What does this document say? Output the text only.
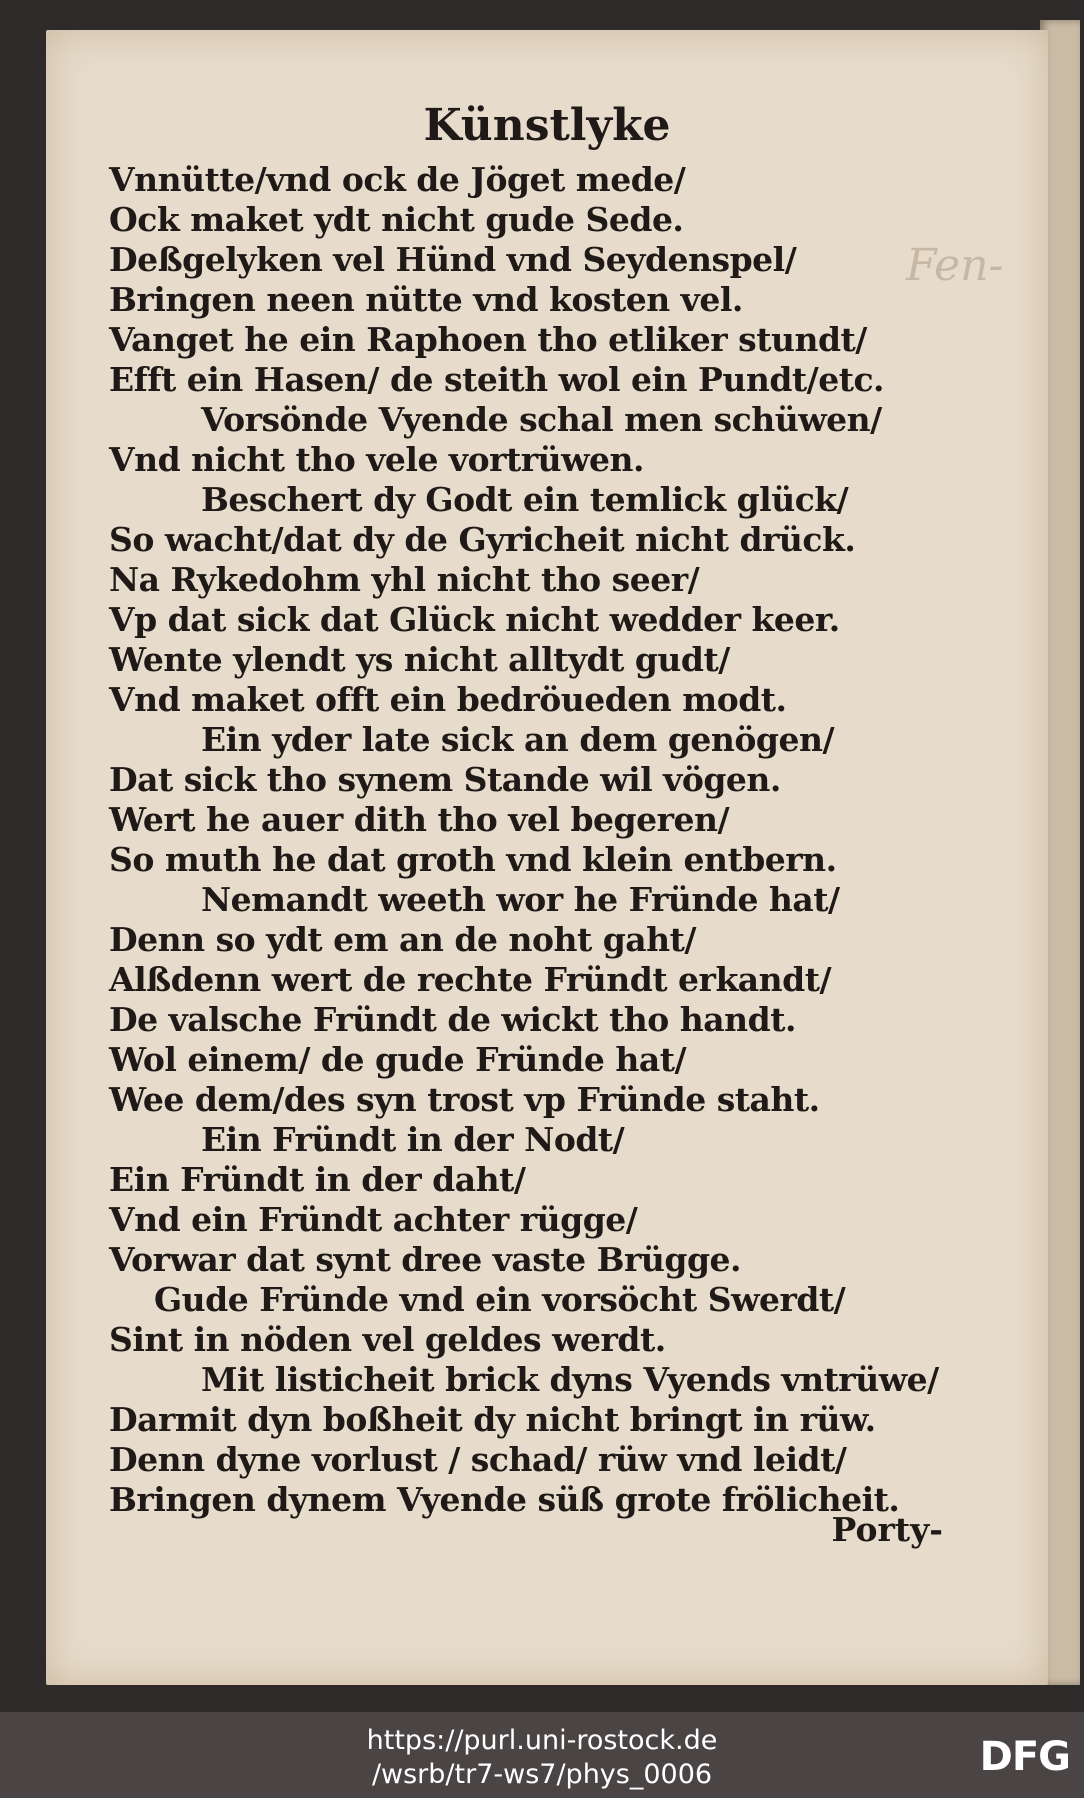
Fen-
Künstlyke
Vnnütte/vnd ock de Jöget mede/
Ock maket ydt nicht gude Sede.
Deßgelyken vel Hünd vnd Seydenspel/
Bringen neen nütte vnd kosten vel.
Vanget he ein Raphoen tho etliker stundt/
Efft ein Hasen/ de steith wol ein Pundt/etc.
Vorsönde Vyende schal men schüwen/
Vnd nicht tho vele vortrüwen.
Beschert dy Godt ein temlick glück/
So wacht/dat dy de Gyricheit nicht drück.
Na Rykedohm yhl nicht tho seer/
Vp dat sick dat Glück nicht wedder keer.
Wente ylendt ys nicht alltydt gudt/
Vnd maket offt ein bedröueden modt.
Ein yder late sick an dem genögen/
Dat sick tho synem Stande wil vögen.
Wert he auer dith tho vel begeren/
So muth he dat groth vnd klein entbern.
Nemandt weeth wor he Fründe hat/
Denn so ydt em an de noht gaht/
Alßdenn wert de rechte Fründt erkandt/
De valsche Fründt de wickt tho handt.
Wol einem/ de gude Fründe hat/
Wee dem/des syn trost vp Fründe staht.
Ein Fründt in der Nodt/
Ein Fründt in der daht/
Vnd ein Fründt achter rügge/
Vorwar dat synt dree vaste Brügge.
Gude Fründe vnd ein vorsöcht Swerdt/
Sint in nöden vel geldes werdt.
Mit listicheit brick dyns Vyends vntrüwe/
Darmit dyn boßheit dy nicht bringt in rüw.
Denn dyne vorlust / schad/ rüw vnd leidt/
Bringen dynem Vyende süß grote frölicheit.
Porty-
https://purl.uni-rostock.de
/wsrb/tr7-ws7/phys_0006	DFG
